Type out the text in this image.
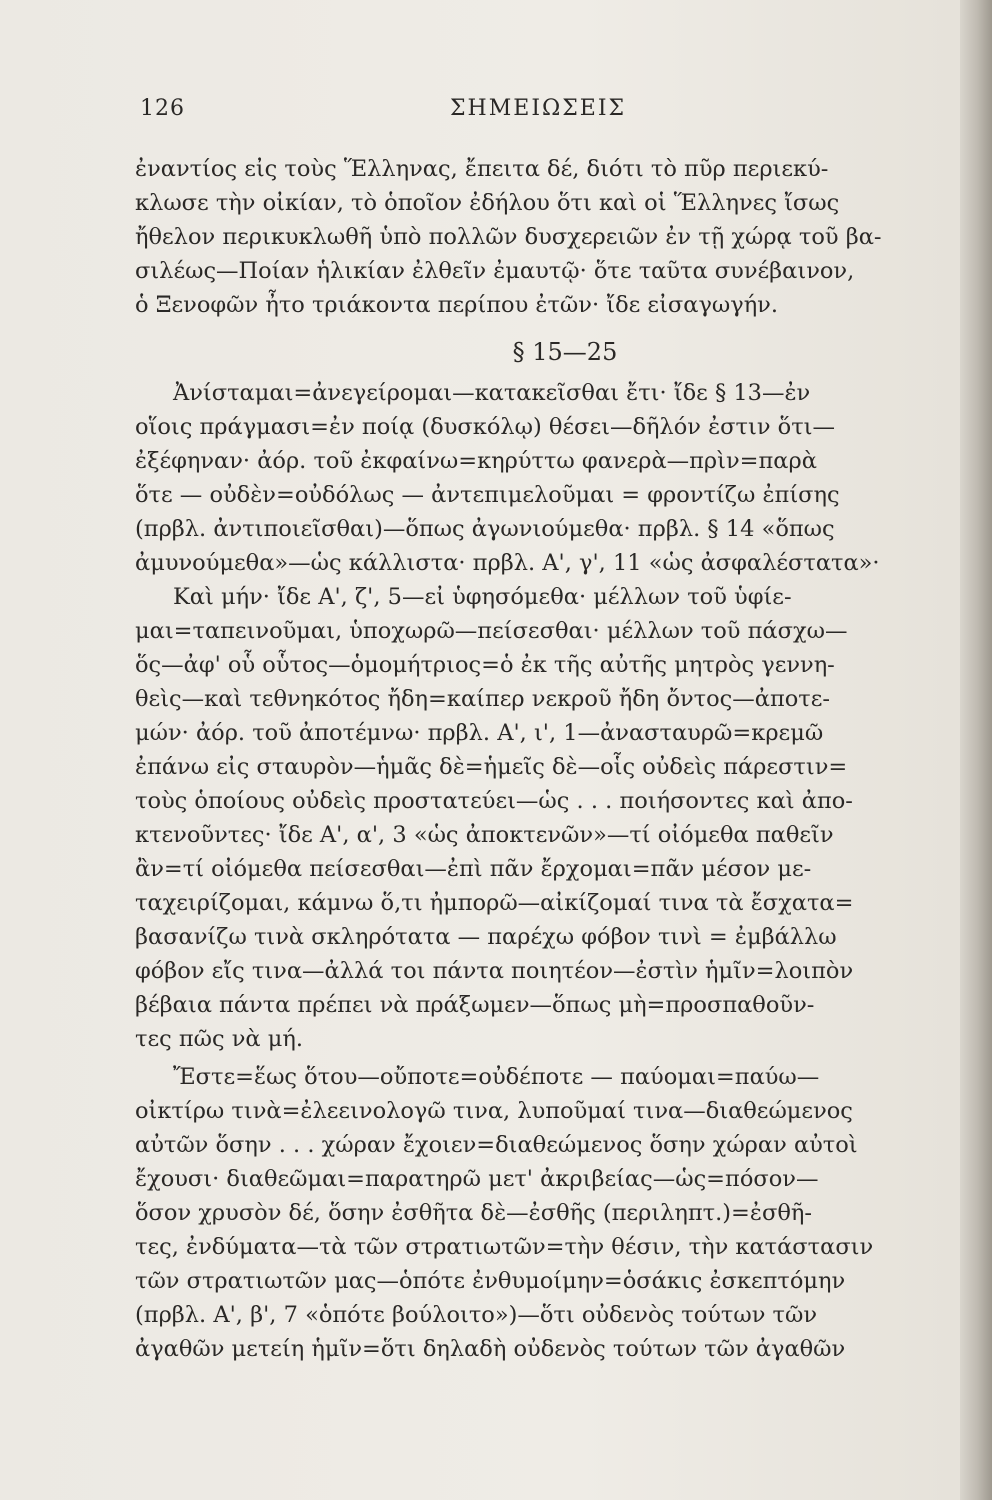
126	ΣΗΜΕΙΩΣΕΙΣ
ἐναντίος εἰς τοὺς Ἕλληνας, ἔπειτα δέ, διότι τὸ πῦρ περιεκύ-
κλωσε τὴν οἰκίαν, τὸ ὁποῖον ἐδήλου ὅτι καὶ οἱ Ἕλληνες ἴσως
ἤθελον περικυκλωθῆ ὑπὸ πολλῶν δυσχερειῶν ἐν τῇ χώρᾳ τοῦ βα-
σιλέως—Ποίαν ἡλικίαν ἐλθεῖν ἐμαυτῷ· ὅτε ταῦτα συνέβαινον,
ὁ Ξενοφῶν ἦτο τριάκοντα περίπου ἐτῶν· ἴδε εἰσαγωγήν.
§ 15—25
Ἀνίσταμαι=ἀνεγείρομαι—κατακεῖσθαι ἔτι· ἴδε § 13—ἐν
οἵοις πράγμασι=ἐν ποίᾳ (δυσκόλῳ) θέσει—δῆλόν ἐστιν ὅτι—
ἐξέφηναν· ἀόρ. τοῦ ἐκφαίνω=κηρύττω φανερὰ—πρὶν=παρὰ
ὅτε — οὐδὲν=οὐδόλως — ἀντεπιμελοῦμαι = φροντίζω ἐπίσης
(πρβλ. ἀντιποιεῖσθαι)—ὅπως ἀγωνιούμεθα· πρβλ. § 14 «ὅπως
ἀμυνούμεθα»—ὡς κάλλιστα· πρβλ. Α', γ', 11 «ὡς ἀσφαλέστατα»·
Καὶ μήν· ἴδε Α', ζ', 5—εἰ ὑφησόμεθα· μέλλων τοῦ ὑφίε-
μαι=ταπεινοῦμαι, ὑποχωρῶ—πείσεσθαι· μέλλων τοῦ πάσχω—
ὅς—ἀφ' οὗ οὗτος—ὁμομήτριος=ὁ ἐκ τῆς αὐτῆς μητρὸς γεννη-
θεὶς—καὶ τεθνηκότος ἤδη=καίπερ νεκροῦ ἤδη ὄντος—ἀποτε-
μών· ἀόρ. τοῦ ἀποτέμνω· πρβλ. Α', ι', 1—ἀνασταυρῶ=κρεμῶ
ἐπάνω εἰς σταυρὸν—ἡμᾶς δὲ=ἡμεῖς δὲ—οἷς οὐδεὶς πάρεστιν=
τοὺς ὁποίους οὐδεὶς προστατεύει—ὡς . . . ποιήσοντες καὶ ἀπο-
κτενοῦντες· ἴδε Α', α', 3 «ὡς ἀποκτενῶν»—τί οἰόμεθα παθεῖν
ἂν=τί οἰόμεθα πείσεσθαι—ἐπὶ πᾶν ἔρχομαι=πᾶν μέσον με-
ταχειρίζομαι, κάμνω ὅ,τι ἠμπορῶ—αἰκίζομαί τινα τὰ ἔσχατα=
βασανίζω τινὰ σκληρότατα — παρέχω φόβον τινὶ = ἐμβάλλω
φόβον εἴς τινα—ἀλλά τοι πάντα ποιητέον—ἐστὶν ἡμῖν=λοιπὸν
βέβαια πάντα πρέπει νὰ πράξωμεν—ὅπως μὴ=προσπαθοῦν-
τες πῶς νὰ μή.
Ἔστε=ἕως ὅτου—οὔποτε=οὐδέποτε — παύομαι=παύω—
οἰκτίρω τινὰ=ἐλεεινολογῶ τινα, λυποῦμαί τινα—διαθεώμενος
αὐτῶν ὅσην . . . χώραν ἔχοιεν=διαθεώμενος ὅσην χώραν αὐτοὶ
ἔχουσι· διαθεῶμαι=παρατηρῶ μετ' ἀκριβείας—ὡς=πόσον—
ὅσον χρυσὸν δέ, ὅσην ἐσθῆτα δὲ—ἐσθῆς (περιληπτ.)=ἐσθῆ-
τες, ἐνδύματα—τὰ τῶν στρατιωτῶν=τὴν θέσιν, τὴν κατάστασιν
τῶν στρατιωτῶν μας—ὁπότε ἐνθυμοίμην=ὁσάκις ἐσκεπτόμην
(πρβλ. Α', β', 7 «ὁπότε βούλοιτο»)—ὅτι οὐδενὸς τούτων τῶν
ἀγαθῶν μετείη ἡμῖν=ὅτι δηλαδὴ οὐδενὸς τούτων τῶν ἀγαθῶν
